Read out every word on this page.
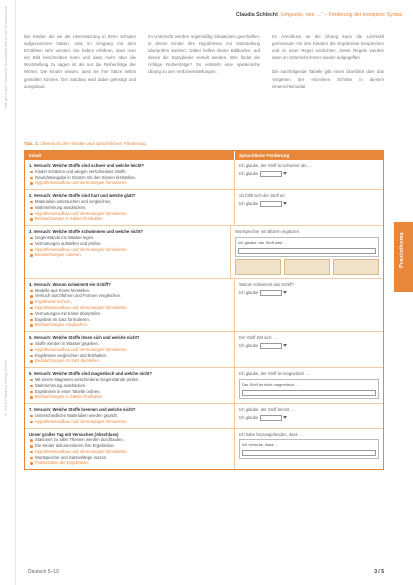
Wie geht das? Deutsch-Schwerpunkte in der Grundschule
© 2016 Friedrich Verlag GmbH
Claudia Schlecht „Umgucke, nee …“ – Förderung der komplexe Syntax

Die Kinder, die wir als Unterstützung in Ihren Schulen aufgenommen haben, sind im Umgang mit dem Erzählten sehr versiert. Sie haben erfahren, dass man ein Bild beschreiben kann und dass mehr über die Wortstellung zu sagen ist als nur die Reihenfolge der Wörter. Die Kinder wissen, dass sie ihre Sätze selbst gestalten können. Der Satzbau wird dabei gefestigt und ausgebaut.

Im Unterricht werden regelmäßig Situationen geschaffen, in denen Kinder ihre Hypothesen zur Satzstellung überprüfen können. Dabei helfen kleine Bildkarten, auf denen die Satzglieder verteilt werden. Wer findet die richtige Reihenfolge? So entsteht eine spielerische Übung zu den Verbzweitstellungen.

Im Anschluss an die Übung kann die Lehrkraft gemeinsam mit den Kindern die Ergebnisse besprechen und zu einer Regel verdichten. Diese Regeln werden dann im Unterricht immer wieder aufgegriffen.

Die nachfolgende Tabelle gibt einen Überblick über das Vorgehen der einzelnen Schritte in diesem Unterrichtsmodul.

Tab. 1: Übersicht der Inhalte und sprachlichen Förderung
Inhalt	Sprachliche Förderung
1. Versuch: Welche Stoffe sind schwer und welche leicht?
Kinder schätzen und wiegen verschiedene Stoffe.
Gewichtsangabe in Gramm mit den Sinnen feststellen.
Hypothesenaufbau und Vermutungen formulieren.
Ich glaube, der Stoff ist schwerer als …
Ich glaube
2. Versuch: Welche Stoffe sind hart und welche glatt?
Materialien untersuchen und vergleichen.
Wahrnehmung ausdrücken.
Hypothesenaufbau und Vermutungen formulieren.
Beobachtungen in Sätzen festhalten.
So fühlt sich der Stoff an:
Ich glaube
3. Versuch: Welche Stoffe schwimmen und welche nicht?
Gegenstände ins Wasser legen.
Vermutungen aufstellen und prüfen.
Hypothesenaufbau und Vermutungen formulieren.
Beobachtungen notieren.
Wortspeicher mit Bildern ergänzen
Ich glaube, der Stoff wird …
4. Versuch: Warum schwimmt ein Schiff?
Modelle aus Knete herstellen.
Versuch durchführen und Formen vergleichen.
Ergebnisse sichern.
Hypothesenaufbau und Vermutungen formulieren.
Vermutungen mit Knete überprüfen.
Ergebnis im Satz formulieren.
Beobachtungen vergleichen.
Warum schwimmt das Schiff?
Ich glaube
5. Versuch: Welche Stoffe lösen sich und welche nicht?
Stoffe werden in Wasser gegeben.
Hypothesenaufbau und Vermutungen formulieren.
Ergebnisse vergleichen und festhalten.
Beobachtungen im Satz darstellen.
Der Stoff löst sich …
Ich glaube
6. Versuch: Welche Stoffe sind magnetisch und welche nicht?
Mit einem Magneten verschiedene Gegenstände prüfen.
Wahrnehmung ausdrücken.
Ergebnisse in einer Tabelle ordnen.
Beobachtungen in Sätzen festhalten.
Ich glaube, der Stoff ist magnetisch …
Der Stoff ist nicht magnetisch …
7. Versuch: Welche Stoffe brennen und welche nicht?
Unterschiedliche Materialien werden geprüft.
Hypothesenaufbau und Vermutungen formulieren.
Ich glaube, der Stoff brennt …
Ich glaube
Unser großer Tag mit Versuchen (Abschluss)
Stationen zu allen Themen werden durchlaufen.
Die Kinder dokumentieren ihre Ergebnisse.
Hypothesenaufbau und Vermutungen formulieren.
Wortspeicher und Satzanfänge nutzen.
Präsentation der Ergebnisse.
Ich habe herausgefunden, dass …
Ich vermute, dass …
Praxisthema
Deutsch 5–10	3 / 5
